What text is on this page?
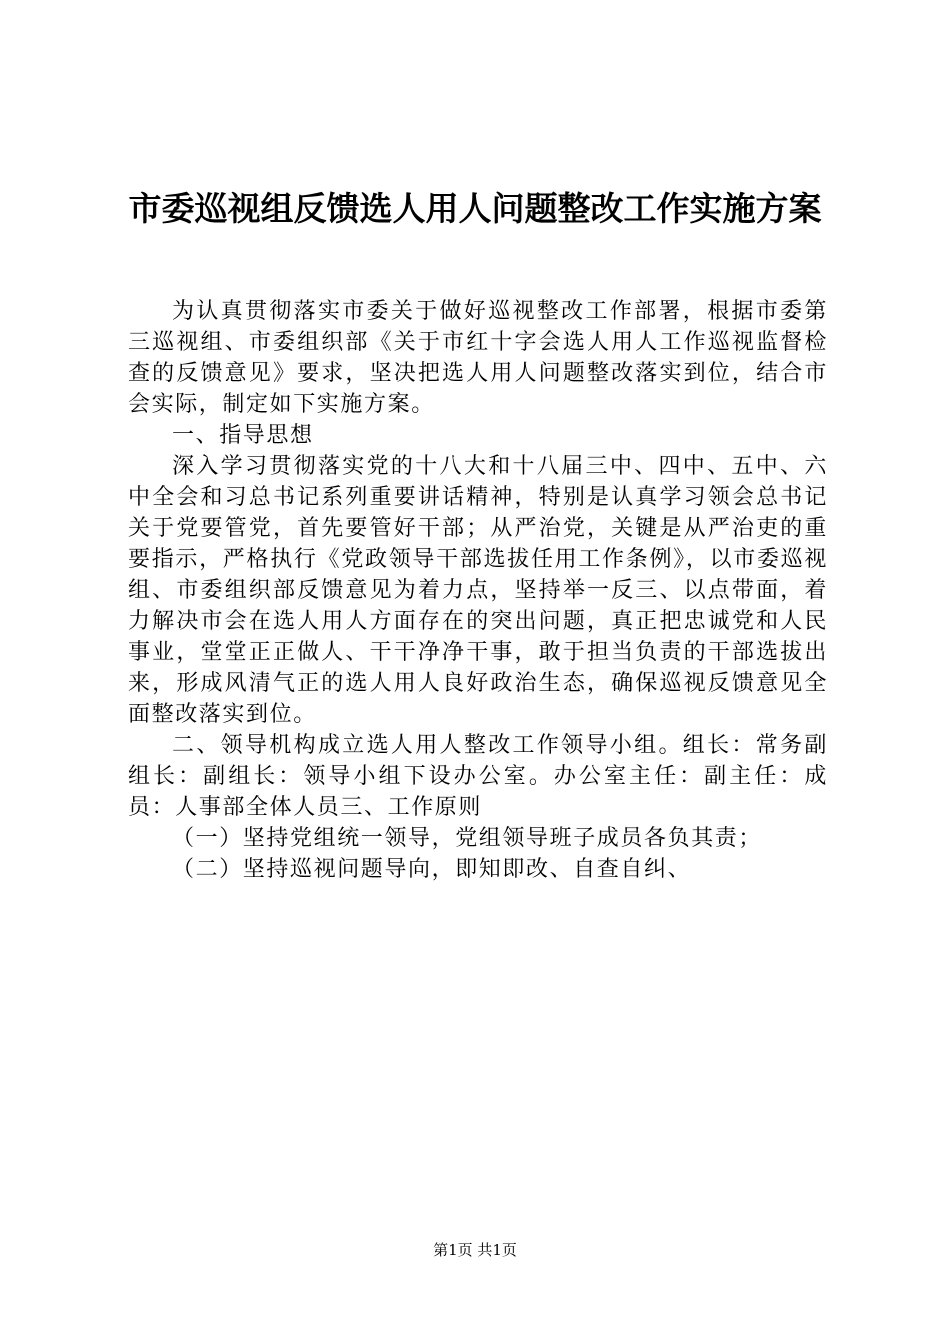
市委巡视组反馈选人用人问题整改工作实施方案

为认真贯彻落实市委关于做好巡视整改工作部署，根据市委第三巡视组、市委组织部《关于市红十字会选人用人工作巡视监督检查的反馈意见》要求，坚决把选人用人问题整改落实到位，结合市会实际，制定如下实施方案。

一、指导思想

深入学习贯彻落实党的十八大和十八届三中、四中、五中、六中全会和习总书记系列重要讲话精神，特别是认真学习领会总书记关于党要管党，首先要管好干部；从严治党，关键是从严治吏的重要指示，严格执行《党政领导干部选拔任用工作条例》，以市委巡视组、市委组织部反馈意见为着力点，坚持举一反三、以点带面，着力解决市会在选人用人方面存在的突出问题，真正把忠诚党和人民事业，堂堂正正做人、干干净净干事，敢于担当负责的干部选拔出来，形成风清气正的选人用人良好政治生态，确保巡视反馈意见全面整改落实到位。

二、领导机构成立选人用人整改工作领导小组。组长：常务副组长：副组长：领导小组下设办公室。办公室主任：副主任：成员：人事部全体人员三、工作原则

（一）坚持党组统一领导，党组领导班子成员各负其责；

（二）坚持巡视问题导向，即知即改、自查自纠、

第1页 共1页
